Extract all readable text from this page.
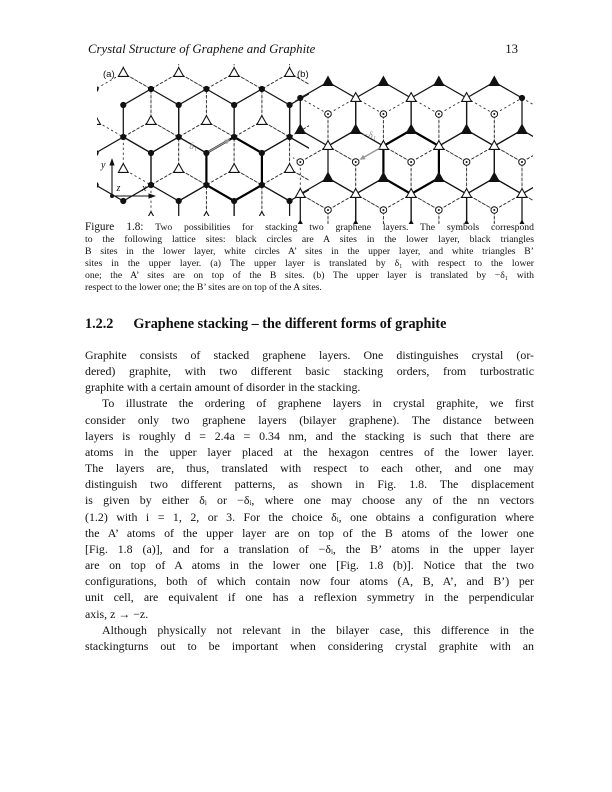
Crystal Structure of Graphene and Graphite	13
δ₁
y
x
z
(a)
−δ₁
(b)
Figure 1.8: Two possibilities for stacking two graphene layers. The symbols correspond
to the following lattice sites: black circles are A sites in the lower layer, black triangles
B sites in the lower layer, white circles A’ sites in the upper layer, and white triangles B’
sites in the upper layer. (a) The upper layer is translated by δ₁ with respect to the lower
one; the A’ sites are on top of the B sites. (b) The upper layer is translated by −δ₁ with
respect to the lower one; the B’ sites are on top of the A sites.
1.2.2 Graphene stacking – the different forms of graphite
Graphite consists of stacked graphene layers. One distinguishes crystal (or-
dered) graphite, with two different basic stacking orders, from turbostratic
graphite with a certain amount of disorder in the stacking.
To illustrate the ordering of graphene layers in crystal graphite, we first
consider only two graphene layers (bilayer graphene). The distance between
layers is roughly d = 2.4a = 0.34 nm, and the stacking is such that there are
atoms in the upper layer placed at the hexagon centres of the lower layer.
The layers are, thus, translated with respect to each other, and one may
distinguish two different patterns, as shown in Fig. 1.8. The displacement
is given by either δᵢ or −δᵢ, where one may choose any of the nn vectors
(1.2) with i = 1, 2, or 3. For the choice δᵢ, one obtains a configuration where
the A’ atoms of the upper layer are on top of the B atoms of the lower one
[Fig. 1.8 (a)], and for a translation of −δᵢ, the B’ atoms in the upper layer
are on top of A atoms in the lower one [Fig. 1.8 (b)]. Notice that the two
configurations, both of which contain now four atoms (A, B, A’, and B’) per
unit cell, are equivalent if one has a reflexion symmetry in the perpendicular
axis, z → −z.
Although physically not relevant in the bilayer case, this difference in the
stackingturns out to be important when considering crystal graphite with an
